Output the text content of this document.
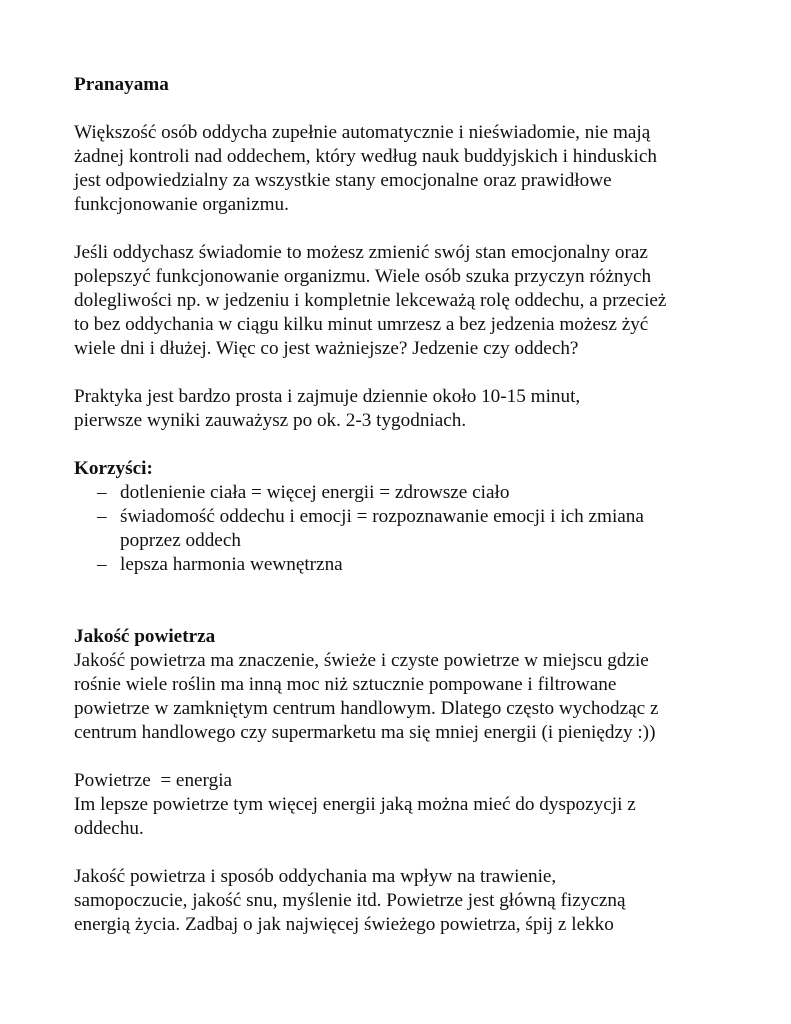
Pranayama

Większość osób oddycha zupełnie automatycznie i nieświadomie, nie mają
żadnej kontroli nad oddechem, który według nauk buddyjskich i hinduskich
jest odpowiedzialny za wszystkie stany emocjonalne oraz prawidłowe
funkcjonowanie organizmu.

Jeśli oddychasz świadomie to możesz zmienić swój stan emocjonalny oraz
polepszyć funkcjonowanie organizmu. Wiele osób szuka przyczyn różnych
dolegliwości np. w jedzeniu i kompletnie lekceważą rolę oddechu, a przecież
to bez oddychania w ciągu kilku minut umrzesz a bez jedzenia możesz żyć
wiele dni i dłużej. Więc co jest ważniejsze? Jedzenie czy oddech?

Praktyka jest bardzo prosta i zajmuje dziennie około 10-15 minut,
pierwsze wyniki zauważysz po ok. 2-3 tygodniach.

Korzyści:

– dotlenienie ciała = więcej energii = zdrowsze ciało
– świadomość oddechu i emocji = rozpoznawanie emocji i ich zmiana
poprzez oddech
– lepsza harmonia wewnętrzna

Jakość powietrza

Jakość powietrza ma znaczenie, świeże i czyste powietrze w miejscu gdzie
rośnie wiele roślin ma inną moc niż sztucznie pompowane i filtrowane
powietrze w zamkniętym centrum handlowym. Dlatego często wychodząc z
centrum handlowego czy supermarketu ma się mniej energii (i pieniędzy :))

Powietrze  = energia
Im lepsze powietrze tym więcej energii jaką można mieć do dyspozycji z
oddechu.

Jakość powietrza i sposób oddychania ma wpływ na trawienie,
samopoczucie, jakość snu, myślenie itd. Powietrze jest główną fizyczną
energią życia. Zadbaj o jak najwięcej świeżego powietrza, śpij z lekko
